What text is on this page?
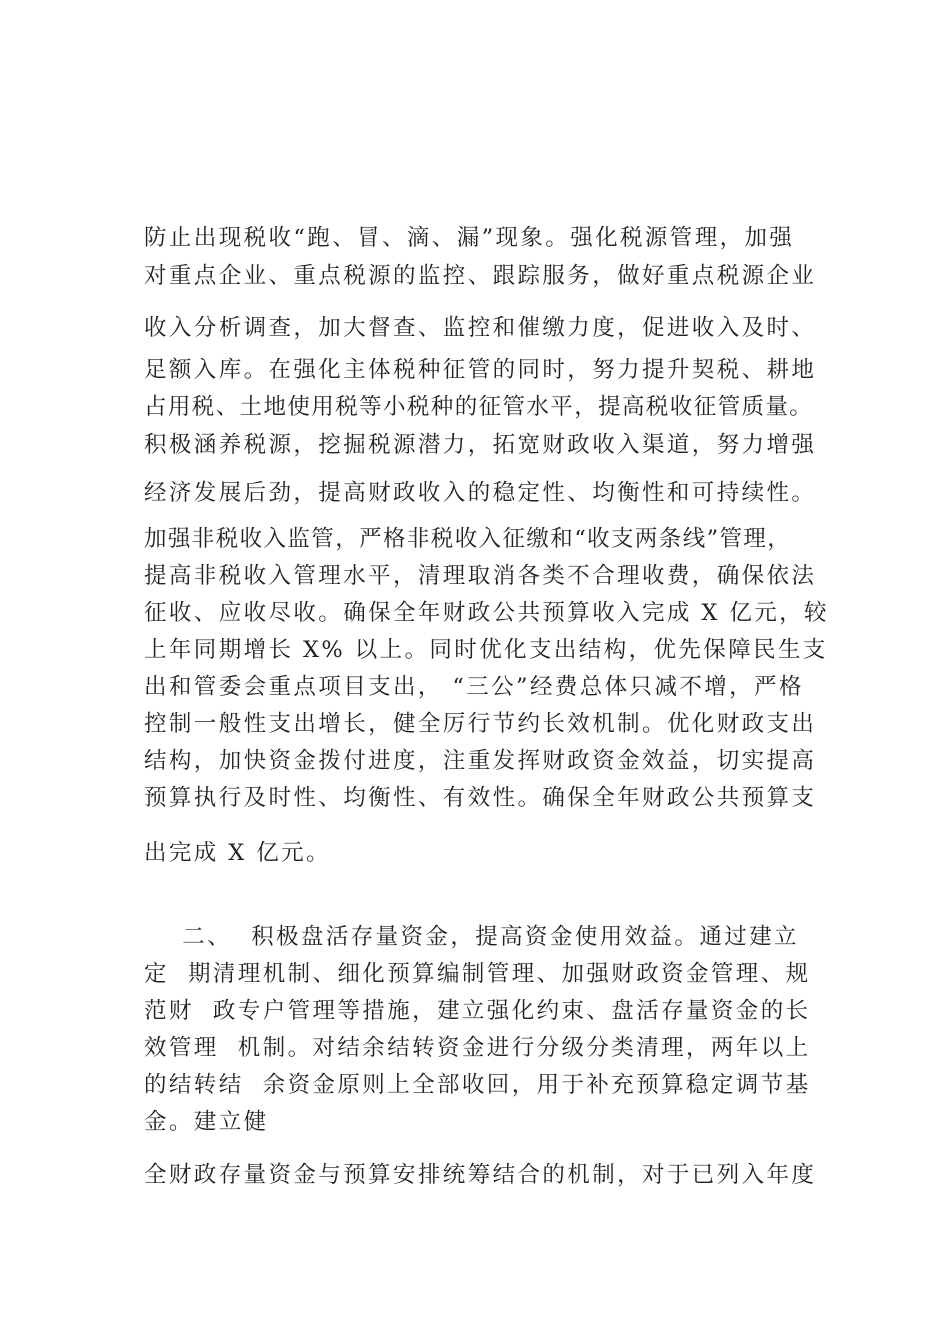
防止出现税收“跑、冒、滴、漏”现象。强化税源管理，加强
对重点企业、重点税源的监控、跟踪服务，做好重点税源企业
收入分析调查，加大督查、监控和催缴力度，促进收入及时、
足额入库。在强化主体税种征管的同时，努力提升契税、耕地
占用税、土地使用税等小税种的征管水平，提高税收征管质量。
积极涵养税源，挖掘税源潜力，拓宽财政收入渠道，努力增强
经济发展后劲，提高财政收入的稳定性、均衡性和可持续性。
加强非税收入监管，严格非税收入征缴和“收支两条线”管理，
提高非税收入管理水平，清理取消各类不合理收费，确保依法
征收、应收尽收。确保全年财政公共预算收入完成 X 亿元，较
上年同期增长 X% 以上。同时优化支出结构，优先保障民生支
出和管委会重点项目支出， “三公”经费总体只减不增，严格
控制一般性支出增长，健全厉行节约长效机制。优化财政支出
结构，加快资金拨付进度，注重发挥财政资金效益，切实提高
预算执行及时性、均衡性、有效性。确保全年财政公共预算支
出完成 X 亿元。
二、  积极盘活存量资金，提高资金使用效益。通过建立
定  期清理机制、细化预算编制管理、加强财政资金管理、规
范财  政专户管理等措施，建立强化约束、盘活存量资金的长
效管理  机制。对结余结转资金进行分级分类清理，两年以上
的结转结  余资金原则上全部收回，用于补充预算稳定调节基
金。建立健
全财政存量资金与预算安排统筹结合的机制，对于已列入年度
